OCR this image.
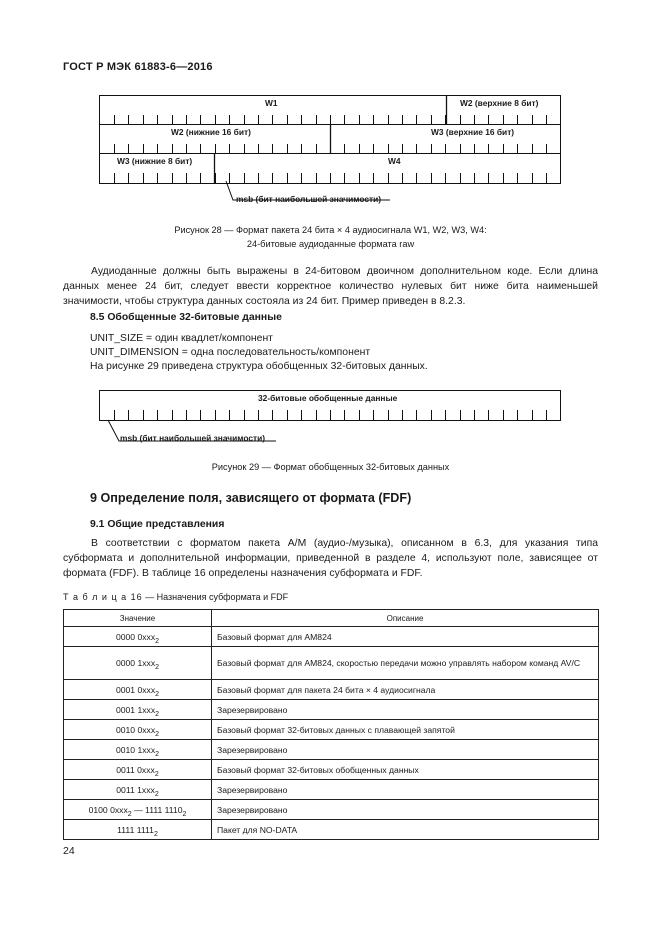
ГОСТ Р МЭК 61883-6—2016
W1	W2 (верхние 8 бит)
W2 (нижние 16 бит)	W3 (верхние 16 бит)
W3 (нижние 8 бит)	W4
msb (бит наибольшей значимости)
Рисунок 28 — Формат пакета 24 бита × 4 аудиосигнала W1, W2, W3, W4:
24-битовые аудиоданные формата raw

Аудиоданные должны быть выражены в 24-битовом двоичном дополнительном коде. Если длина данных менее 24 бит, следует ввести корректное количество нулевых бит ниже бита наименьшей значимости, чтобы структура данных состояла из 24 бит. Пример приведен в 8.2.3.

8.5 Обобщенные 32-битовые данные
UNIT_SIZE = один квадлет/компонент
UNIT_DIMENSION = одна последовательность/компонент
На рисунке 29 приведена структура обобщенных 32-битовых данных.
32-битовые обобщенные данные
msb (бит наибольшей значимости)
Рисунок 29 — Формат обобщенных 32-битовых данных
9 Определение поля, зависящего от формата (FDF)
9.1 Общие представления

В соответствии с форматом пакета A/M (аудио-/музыка), описанном в 6.3, для указания типа субформата и дополнительной информации, приведенной в разделе 4, используют поле, зависящее от формата (FDF). В таблице 16 определены назначения субформата и FDF.

Т а б л и ц а 16 — Назначения субформата и FDF
Значение	Описание
0000 0xxx$_2$	Базовый формат для AM824
0000 1xxx$_2$	Базовый формат для AM824, скоростью передачи можно управлять набором команд AV/C
0001 0xxx$_2$	Базовый формат для пакета 24 бита × 4 аудиосигнала
0001 1xxx$_2$	Зарезервировано
0010 0xxx$_2$	Базовый формат 32-битовых данных с плавающей запятой
0010 1xxx$_2$	Зарезервировано
0011 0xxx$_2$	Базовый формат 32-битовых обобщенных данных
0011 1xxx$_2$	Зарезервировано
0100 0xxx$_2$ — 1111 $1110_2$	Зарезервировано
1111 $1111_2$	Пакет для NO-DATA
24
